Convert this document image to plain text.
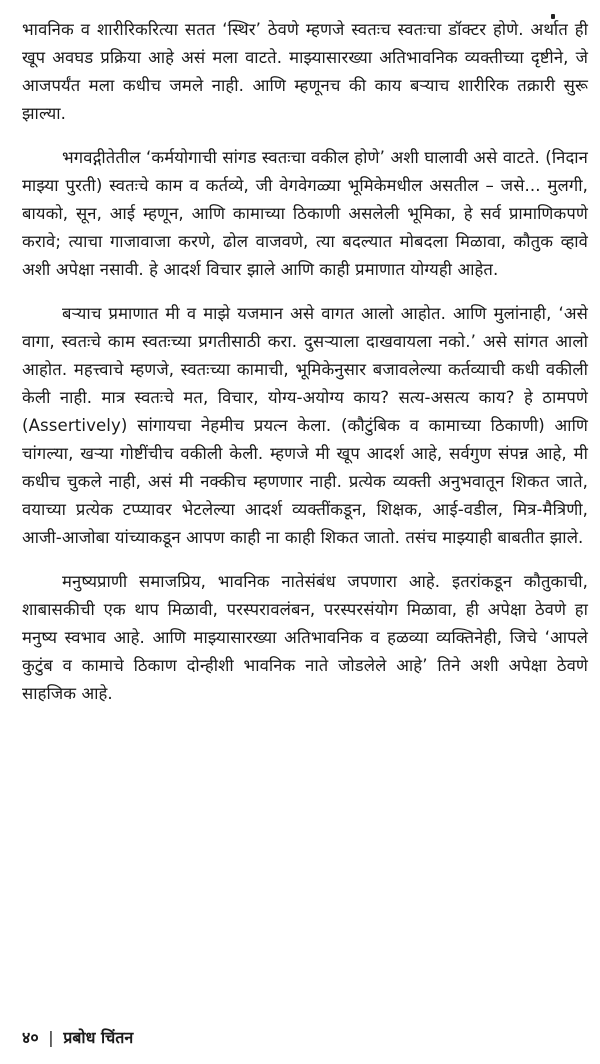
भावनिक व शारीरिकरित्या सतत ‘स्थिर’ ठेवणे म्हणजे स्वतःच स्वतःचा डॉक्टर होणे. अर्थात ही खूप अवघड प्रक्रिया आहे असं मला वाटते. माझ्यासारख्या अतिभावनिक व्यक्तीच्या दृष्टीने, जे आजपर्यंत मला कधीच जमले नाही. आणि म्हणूनच की काय बऱ्याच शारीरिक तक्रारी सुरू झाल्या.

भगवद्गीतेतील ‘कर्मयोगाची सांगड स्वतःचा वकील होणे’ अशी घालावी असे वाटते. (निदान माझ्या पुरती) स्वतःचे काम व कर्तव्ये, जी वेगवेगळ्या भूमिकेमधील असतील – जसे... मुलगी, बायको, सून, आई म्हणून, आणि कामाच्या ठिकाणी असलेली भूमिका, हे सर्व प्रामाणिकपणे करावे; त्याचा गाजावाजा करणे, ढोल वाजवणे, त्या बदल्यात मोबदला मिळावा, कौतुक व्हावे अशी अपेक्षा नसावी. हे आदर्श विचार झाले आणि काही प्रमाणात योग्यही आहेत.

बऱ्याच प्रमाणात मी व माझे यजमान असे वागत आलो आहोत. आणि मुलांनाही, ‘असे वागा, स्वतःचे काम स्वतःच्या प्रगतीसाठी करा. दुसऱ्याला दाखवायला नको.’ असे सांगत आलो आहोत. महत्त्वाचे म्हणजे, स्वतःच्या कामाची, भूमिकेनुसार बजावलेल्या कर्तव्याची कधी वकीली केली नाही. मात्र स्वतःचे मत, विचार, योग्य-अयोग्य काय? सत्य-असत्य काय? हे ठामपणे (Assertively) सांगायचा नेहमीच प्रयत्न केला. (कौटुंबिक व कामाच्या ठिकाणी) आणि चांगल्या, खऱ्या गोष्टींचीच वकीली केली. म्हणजे मी खूप आदर्श आहे, सर्वगुण संपन्न आहे, मी कधीच चुकले नाही, असं मी नक्कीच म्हणणार नाही. प्रत्येक व्यक्ती अनुभवातून शिकत जाते, वयाच्या प्रत्येक टप्प्यावर भेटलेल्या आदर्श व्यक्तींकडून, शिक्षक, आई-वडील, मित्र-मैत्रिणी, आजी-आजोबा यांच्याकडून आपण काही ना काही शिकत जातो. तसंच माझ्याही बाबतीत झाले.

मनुष्यप्राणी समाजप्रिय, भावनिक नातेसंबंध जपणारा आहे. इतरांकडून कौतुकाची, शाबासकीची एक थाप मिळावी, परस्परावलंबन, परस्परसंयोग मिळावा, ही अपेक्षा ठेवणे हा मनुष्य स्वभाव आहे. आणि माझ्यासारख्या अतिभावनिक व हळव्या व्यक्तिनेही, जिचे ‘आपले कुटुंब व कामाचे ठिकाण दोन्हीशी भावनिक नाते जोडलेले आहे’ तिने अशी अपेक्षा ठेवणे साहजिक आहे.

४० | प्रबोध चिंतन
